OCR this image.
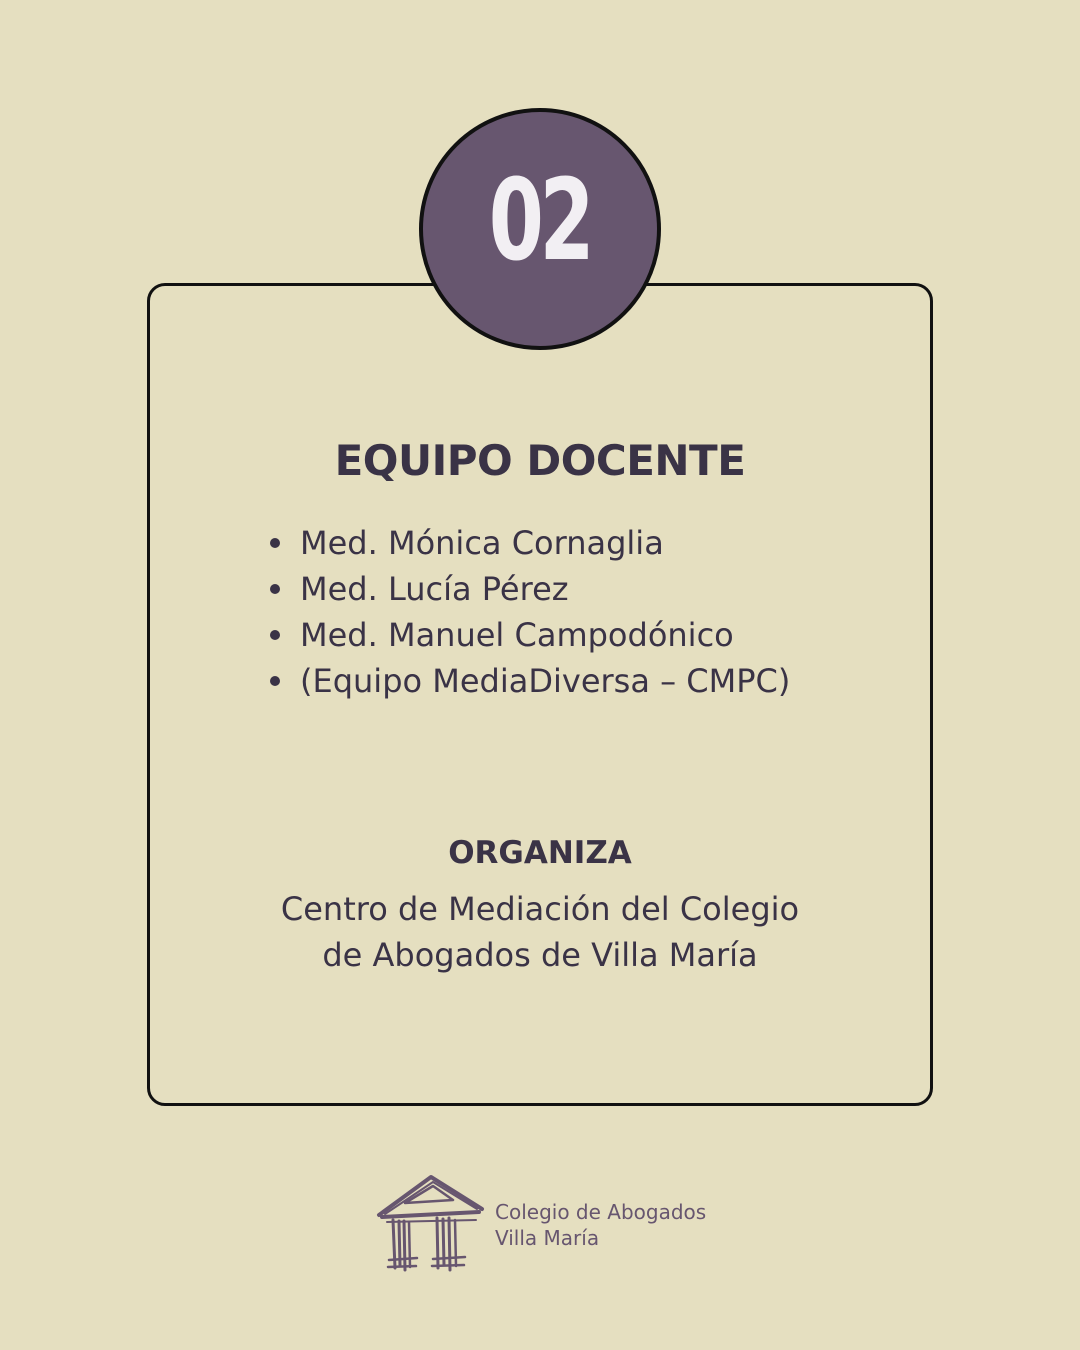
02
EQUIPO DOCENTE
Med. Mónica Cornaglia
Med. Lucía Pérez
Med. Manuel Campodónico
(Equipo MediaDiversa – CMPC)
ORGANIZA

Centro de Mediación del Colegio
de Abogados de Villa María

Colegio de Abogados
Villa María
